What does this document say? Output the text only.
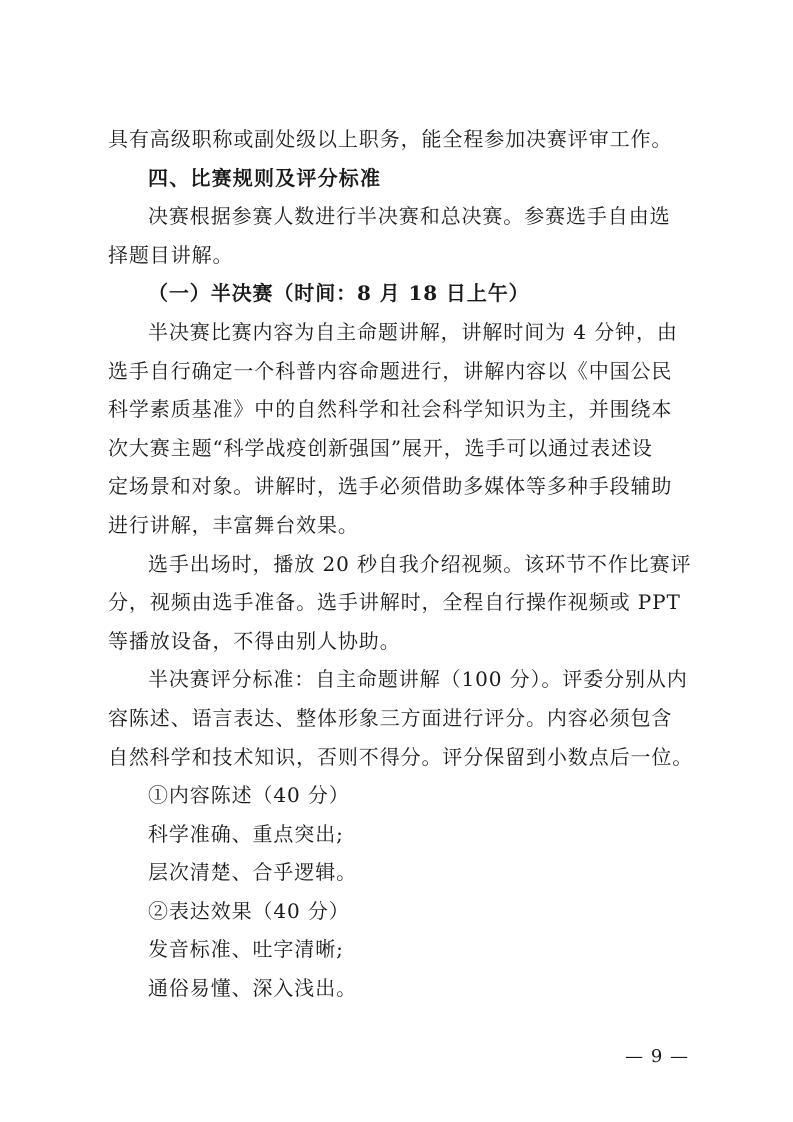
具有高级职称或副处级以上职务，能全程参加决赛评审工作。
四、比赛规则及评分标准
决赛根据参赛人数进行半决赛和总决赛。参赛选手自由选
择题目讲解。
（一）半决赛（时间：8 月 18 日上午）
半决赛比赛内容为自主命题讲解，讲解时间为 4 分钟，由
选手自行确定一个科普内容命题进行，讲解内容以《中国公民
科学素质基准》中的自然科学和社会科学知识为主，并围绕本
次大赛主题“科学战疫创新强国”展开，选手可以通过表述设
定场景和对象。讲解时，选手必须借助多媒体等多种手段辅助
进行讲解，丰富舞台效果。
选手出场时，播放 20 秒自我介绍视频。该环节不作比赛评
分，视频由选手准备。选手讲解时，全程自行操作视频或 PPT
等播放设备，不得由别人协助。
半决赛评分标准：自主命题讲解（100 分）。评委分别从内
容陈述、语言表达、整体形象三方面进行评分。内容必须包含
自然科学和技术知识，否则不得分。评分保留到小数点后一位。
①内容陈述（40 分）
科学准确、重点突出;
层次清楚、合乎逻辑。
②表达效果（40 分）
发音标准、吐字清晰;
通俗易懂、深入浅出。
— 9 —
